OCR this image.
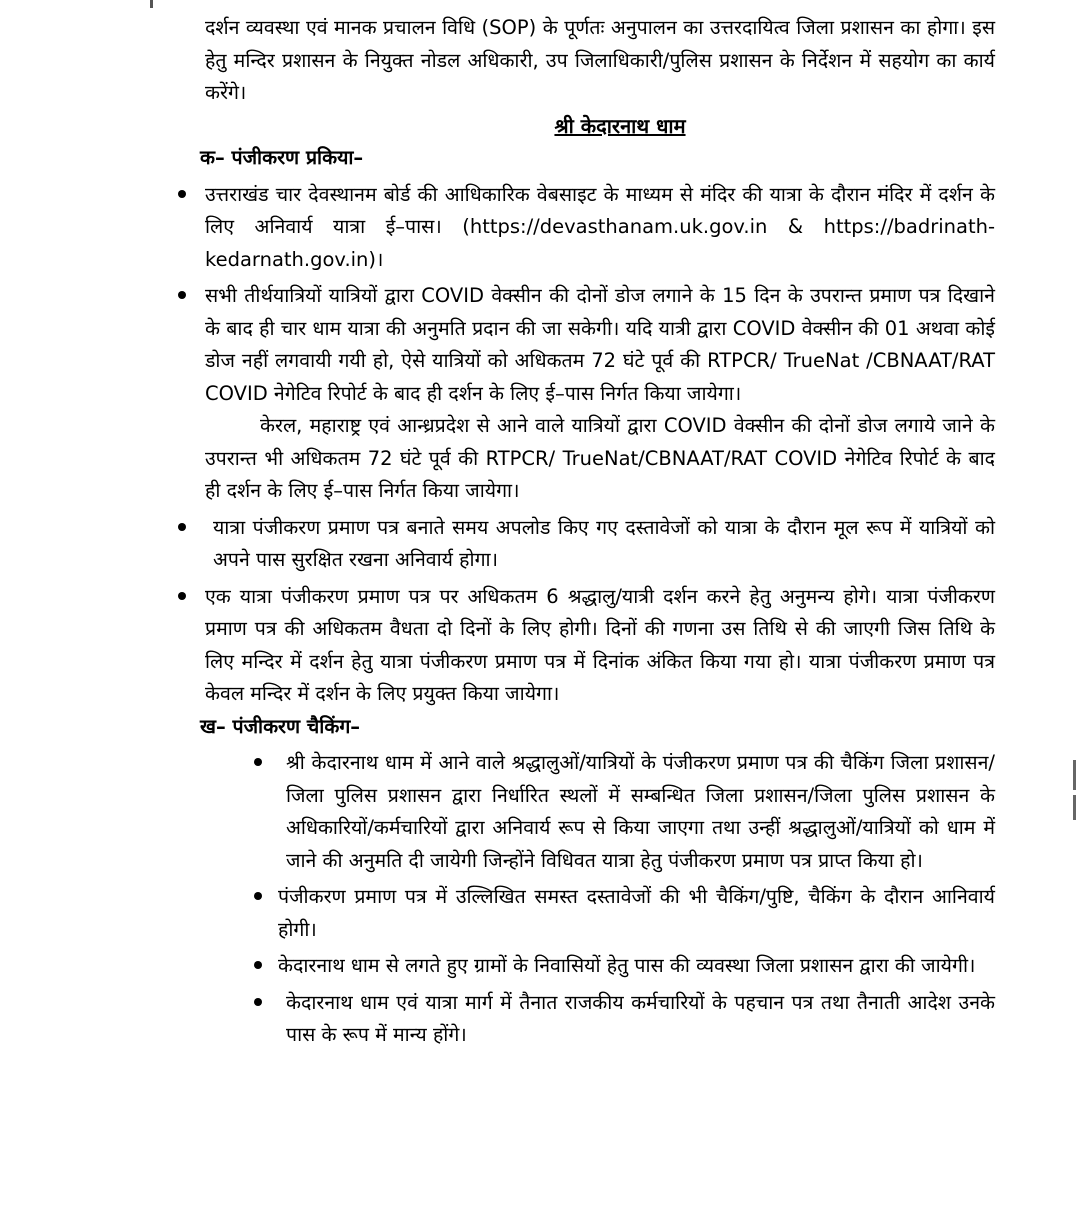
दर्शन व्यवस्था एवं मानक प्रचालन विधि (SOP) के पूर्णतः अनुपालन का उत्तरदायित्व जिला प्रशासन का होगा। इस हेतु मन्दिर प्रशासन के नियुक्त नोडल अधिकारी, उप जिलाधिकारी/पुलिस प्रशासन के निर्देशन में सहयोग का कार्य करेंगे।

श्री केदारनाथ धाम

क– पंजीकरण प्रकिया–

उत्तराखंड चार देवस्थानम बोर्ड की आधिकारिक वेबसाइट के माध्यम से मंदिर की यात्रा के दौरान मंदिर में दर्शन के लिए अनिवार्य यात्रा ई–पास। (https://devasthanam.uk.gov.in & https://badrinath-kedarnath.gov.in)।

सभी तीर्थयात्रियों यात्रियों द्वारा COVID वेक्सीन की दोनों डोज लगाने के 15 दिन के उपरान्त प्रमाण पत्र दिखाने के बाद ही चार धाम यात्रा की अनुमति प्रदान की जा सकेगी। यदि यात्री द्वारा COVID वेक्सीन की 01 अथवा कोई डोज नहीं लगवायी गयी हो, ऐसे यात्रियों को अधिकतम 72 घंटे पूर्व की RTPCR/ TrueNat /CBNAAT/RAT COVID नेगेटिव रिपोर्ट के बाद ही दर्शन के लिए ई–पास निर्गत किया जायेगा।

केरल, महाराष्ट्र एवं आन्ध्रप्रदेश से आने वाले यात्रियों द्वारा COVID वेक्सीन की दोनों डोज लगाये जाने के उपरान्त भी अधिकतम 72 घंटे पूर्व की RTPCR/ TrueNat/CBNAAT/RAT COVID नेगेटिव रिपोर्ट के बाद ही दर्शन के लिए ई–पास निर्गत किया जायेगा।

यात्रा पंजीकरण प्रमाण पत्र बनाते समय अपलोड किए गए दस्तावेजों को यात्रा के दौरान मूल रूप में यात्रियों को अपने पास सुरक्षित रखना अनिवार्य होगा।

एक यात्रा पंजीकरण प्रमाण पत्र पर अधिकतम 6 श्रद्धालु/यात्री दर्शन करने हेतु अनुमन्य होगे। यात्रा पंजीकरण प्रमाण पत्र की अधिकतम वैधता दो दिनों के लिए होगी। दिनों की गणना उस तिथि से की जाएगी जिस तिथि के लिए मन्दिर में दर्शन हेतु यात्रा पंजीकरण प्रमाण पत्र में दिनांक अंकित किया गया हो। यात्रा पंजीकरण प्रमाण पत्र केवल मन्दिर में दर्शन के लिए प्रयुक्त किया जायेगा।

ख– पंजीकरण चैकिंग–

श्री केदारनाथ धाम में आने वाले श्रद्धालुओं/यात्रियों के पंजीकरण प्रमाण पत्र की चैकिंग जिला प्रशासन/जिला पुलिस प्रशासन द्वारा निर्धारित स्थलों में सम्बन्धित जिला प्रशासन/जिला पुलिस प्रशासन के अधिकारियों/कर्मचारियों द्वारा अनिवार्य रूप से किया जाएगा तथा उन्हीं श्रद्धालुओं/यात्रियों को धाम में जाने की अनुमति दी जायेगी जिन्होंने विधिवत यात्रा हेतु पंजीकरण प्रमाण पत्र प्राप्त किया हो।

पंजीकरण प्रमाण पत्र में उल्लिखित समस्त दस्तावेजों की भी चैकिंग/पुष्टि, चैकिंग के दौरान आनिवार्य होगी।

केदारनाथ धाम से लगते हुए ग्रामों के निवासियों हेतु पास की व्यवस्था जिला प्रशासन द्वारा की जायेगी।

केदारनाथ धाम एवं यात्रा मार्ग में तैनात राजकीय कर्मचारियों के पहचान पत्र तथा तैनाती आदेश उनके पास के रूप में मान्य होंगे।
